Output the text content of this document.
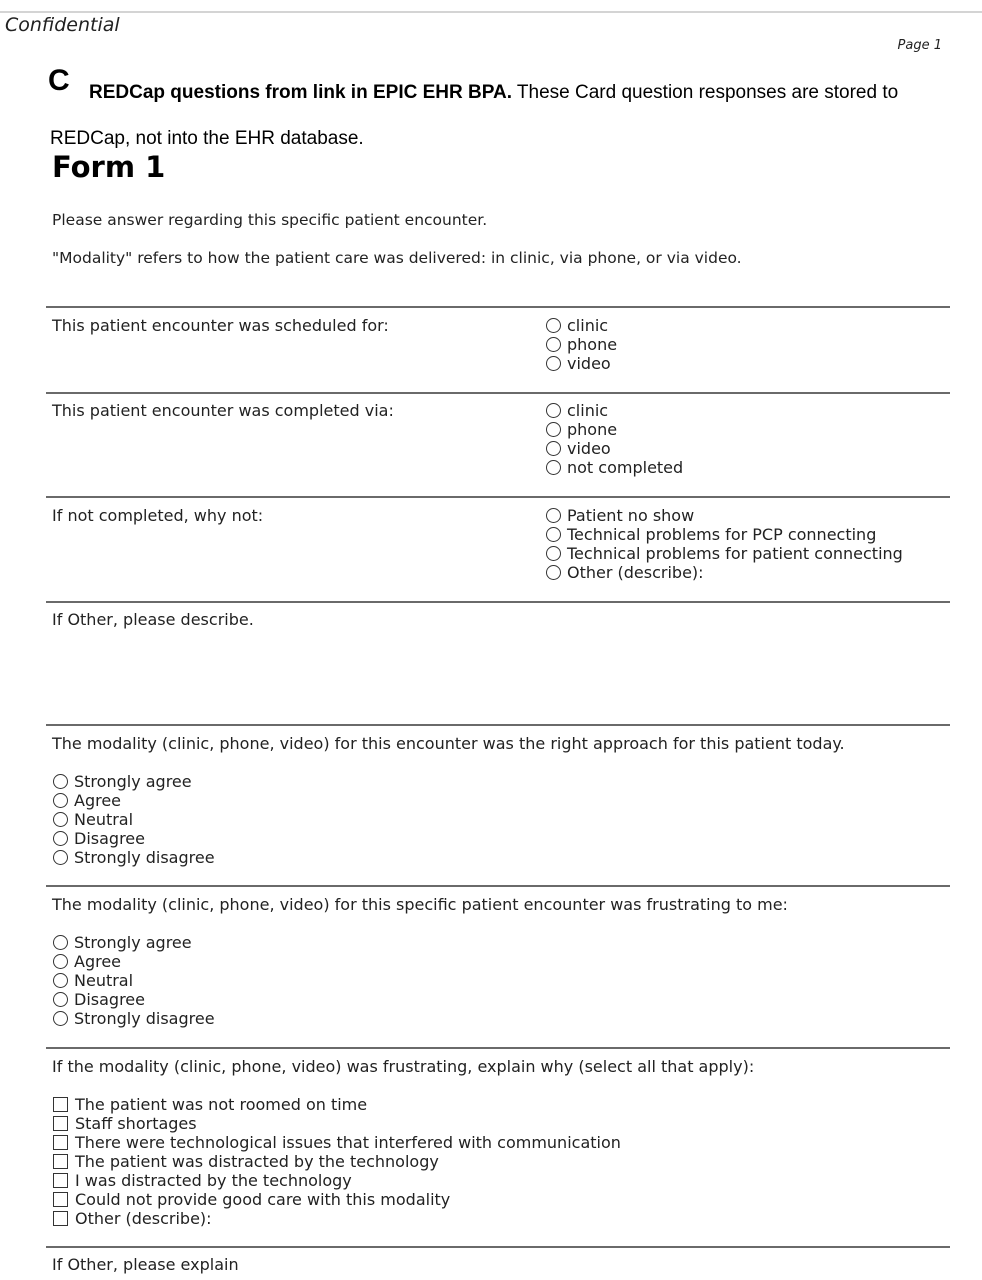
Confidential
Page 1
C	REDCap questions from link in EPIC EHR BPA. These Card question responses are stored to REDCap, not into the EHR database.
Form 1
Please answer regarding this specific patient encounter.
"Modality" refers to how the patient care was delivered: in clinic, via phone, or via video.
This patient encounter was scheduled for:	clinic
phone
video
This patient encounter was completed via:	clinic
phone
video
not completed
If not completed, why not:	Patient no show
Technical problems for PCP connecting
Technical problems for patient connecting
Other (describe):
If Other, please describe.
The modality (clinic, phone, video) for this encounter was the right approach for this patient today.
Strongly agree
Agree
Neutral
Disagree
Strongly disagree
The modality (clinic, phone, video) for this specific patient encounter was frustrating to me:
Strongly agree
Agree
Neutral
Disagree
Strongly disagree
If the modality (clinic, phone, video) was frustrating, explain why (select all that apply):
The patient was not roomed on time
Staff shortages
There were technological issues that interfered with communication
The patient was distracted by the technology
I was distracted by the technology
Could not provide good care with this modality
Other (describe):
If Other, please explain
